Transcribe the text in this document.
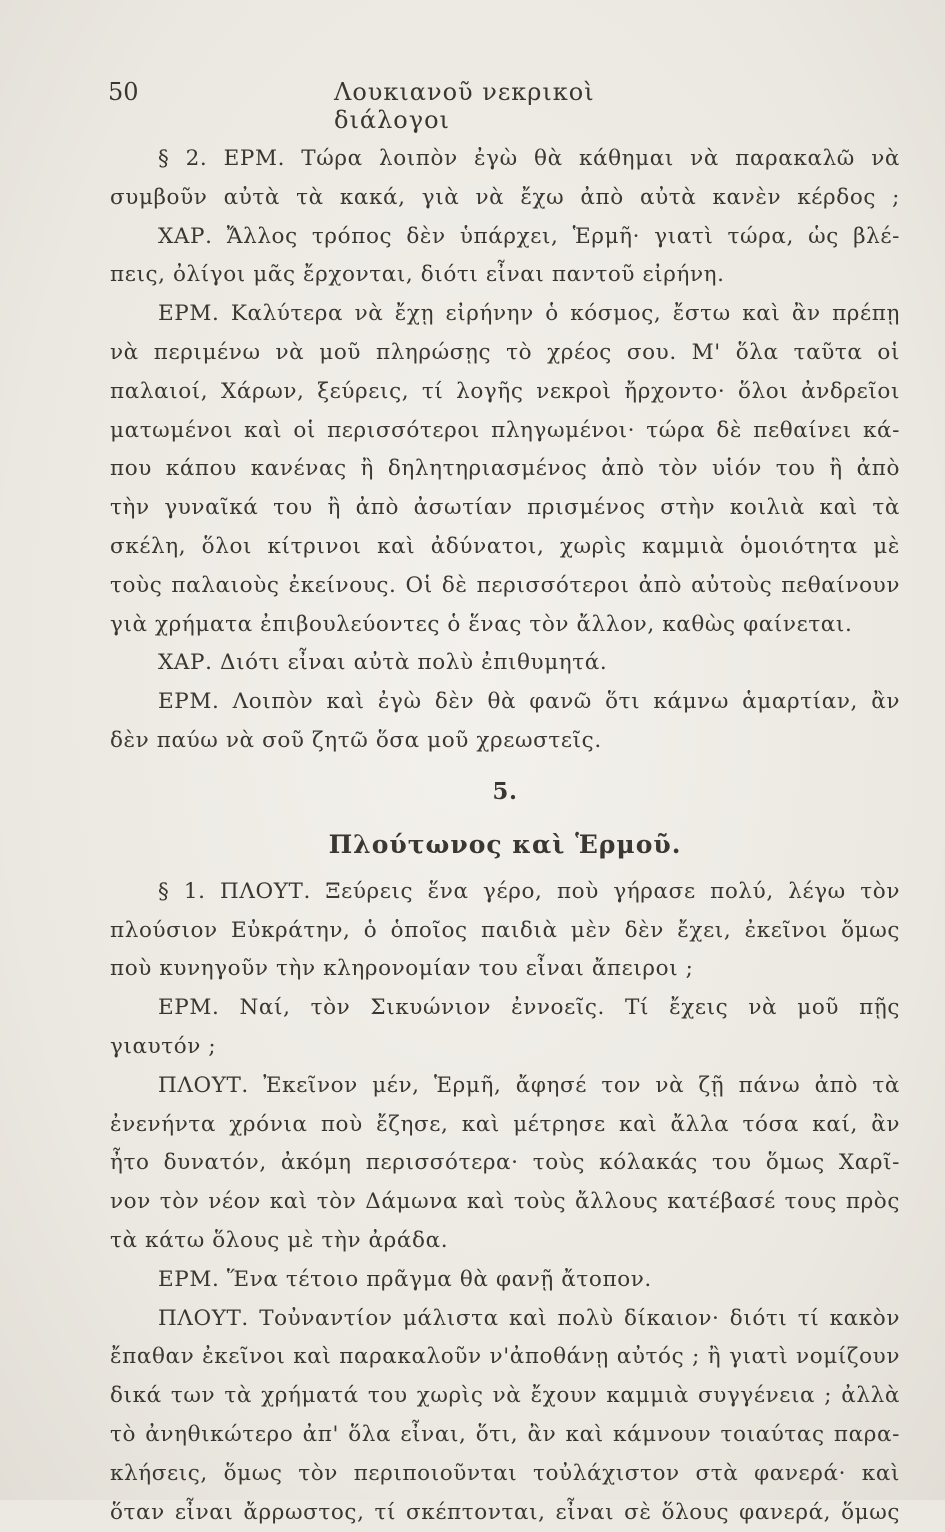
50	Λουκιανοῦ νεκρικοὶ διάλογοι
§ 2. ΕΡΜ. Τώρα λοιπὸν ἐγὼ θὰ κάθημαι νὰ παρακαλῶ νὰ
συμβοῦν αὐτὰ τὰ κακά, γιὰ νὰ ἔχω ἀπὸ αὐτὰ κανὲν κέρδος ;
ΧΑΡ. Ἄλλος τρόπος δὲν ὑπάρχει, Ἑρμῆ· γιατὶ τώρα, ὡς βλέ-
πεις, ὀλίγοι μᾶς ἔρχονται, διότι εἶναι παντοῦ εἰρήνη.
ΕΡΜ. Καλύτερα νὰ ἔχῃ εἰρήνην ὁ κόσμος, ἔστω καὶ ἂν πρέπῃ
νὰ περιμένω νὰ μοῦ πληρώσῃς τὸ χρέος σου. Μ' ὅλα ταῦτα οἱ
παλαιοί, Χάρων, ξεύρεις, τί λογῆς νεκροὶ ἤρχοντο· ὅλοι ἀνδρεῖοι
ματωμένοι καὶ οἱ περισσότεροι πληγωμένοι· τώρα δὲ πεθαίνει κά-
που κάπου κανένας ἢ δηλητηριασμένος ἀπὸ τὸν υἱόν του ἢ ἀπὸ
τὴν γυναῖκά του ἢ ἀπὸ ἀσωτίαν πρισμένος στὴν κοιλιὰ καὶ τὰ
σκέλη, ὅλοι κίτρινοι καὶ ἀδύνατοι, χωρὶς καμμιὰ ὁμοιότητα μὲ
τοὺς παλαιοὺς ἐκείνους. Οἱ δὲ περισσότεροι ἀπὸ αὐτοὺς πεθαίνουν
γιὰ χρήματα ἐπιβουλεύοντες ὁ ἕνας τὸν ἄλλον, καθὼς φαίνεται.
ΧΑΡ. Διότι εἶναι αὐτὰ πολὺ ἐπιθυμητά.
ΕΡΜ. Λοιπὸν καὶ ἐγὼ δὲν θὰ φανῶ ὅτι κάμνω ἁμαρτίαν, ἂν
δὲν παύω νὰ σοῦ ζητῶ ὅσα μοῦ χρεωστεῖς.
5.
Πλούτωνος καὶ Ἑρμοῦ.
§ 1. ΠΛΟΥΤ. Ξεύρεις ἕνα γέρο, ποὺ γήρασε πολύ, λέγω τὸν
πλούσιον Εὐκράτην, ὁ ὁποῖος παιδιὰ μὲν δὲν ἔχει, ἐκεῖνοι ὅμως
ποὺ κυνηγοῦν τὴν κληρονομίαν του εἶναι ἄπειροι ;
ΕΡΜ. Ναί, τὸν Σικυώνιον ἐννοεῖς. Τί ἔχεις νὰ μοῦ πῇς
γιαυτόν ;
ΠΛΟΥΤ. Ἐκεῖνον μέν, Ἑρμῆ, ἄφησέ τον νὰ ζῇ πάνω ἀπὸ τὰ
ἐνενήντα χρόνια ποὺ ἔζησε, καὶ μέτρησε καὶ ἄλλα τόσα καί, ἂν
ἦτο δυνατόν, ἀκόμη περισσότερα· τοὺς κόλακάς του ὅμως Χαρῖ-
νον τὸν νέον καὶ τὸν Δάμωνα καὶ τοὺς ἄλλους κατέβασέ τους πρὸς
τὰ κάτω ὅλους μὲ τὴν ἀράδα.
ΕΡΜ. Ἕνα τέτοιο πρᾶγμα θὰ φανῇ ἄτοπον.
ΠΛΟΥΤ. Τοὐναντίον μάλιστα καὶ πολὺ δίκαιον· διότι τί κακὸν
ἔπαθαν ἐκεῖνοι καὶ παρακαλοῦν ν'ἀποθάνῃ αὐτός ; ἢ γιατὶ νομίζουν
δικά των τὰ χρήματά του χωρὶς νὰ ἔχουν καμμιὰ συγγένεια ; ἀλλὰ
τὸ ἀνηθικώτερο ἀπ' ὅλα εἶναι, ὅτι, ἂν καὶ κάμνουν τοιαύτας παρα-
κλήσεις, ὅμως τὸν περιποιοῦνται τοὐλάχιστον στὰ φανερά· καὶ
ὅταν εἶναι ἄρρωστος, τί σκέπτονται, εἶναι σὲ ὅλους φανερά, ὅμως
